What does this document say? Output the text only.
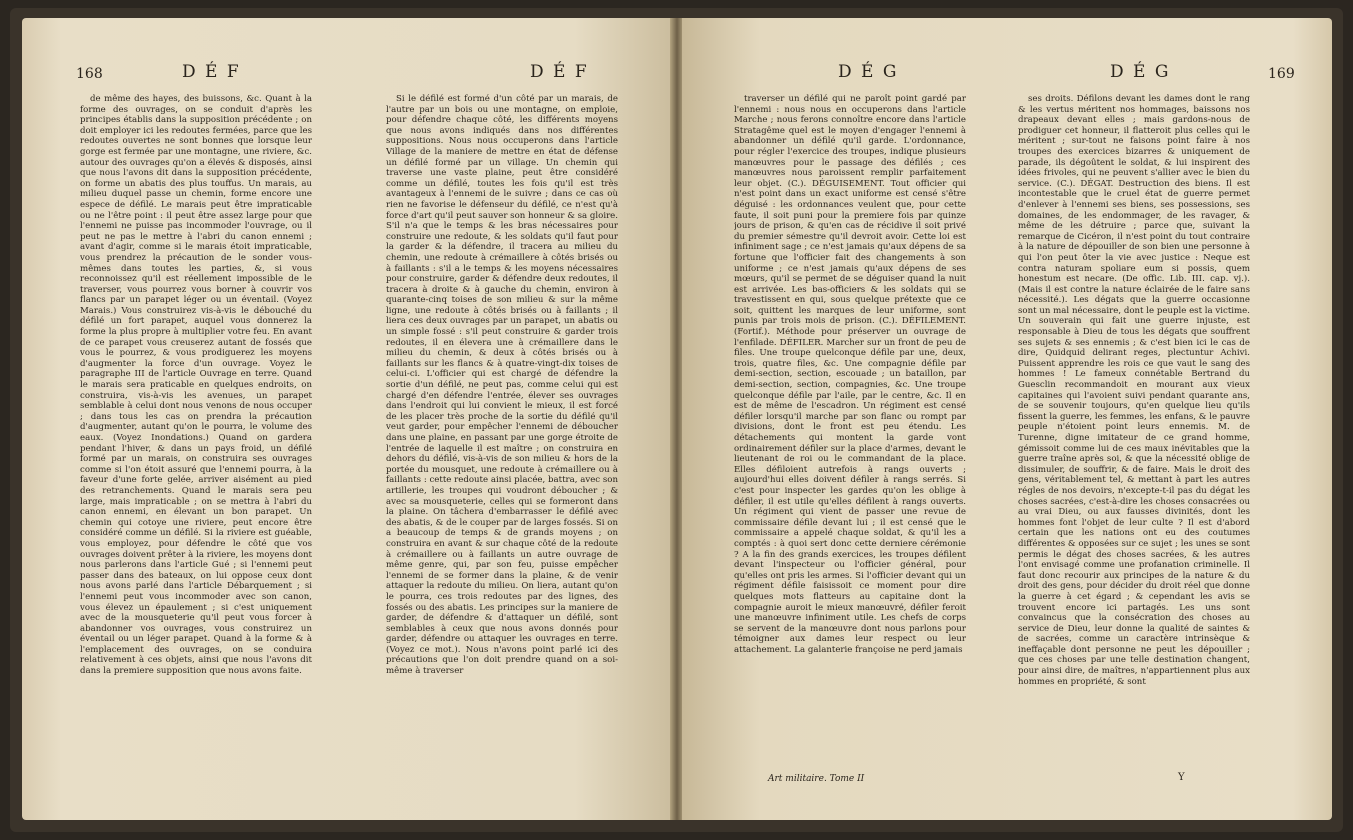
168	D É F	D É F

de même des hayes, des buissons, &c. Quant à la forme des ouvrages, on se conduit d'après les principes établis dans la supposition précédente ; on doit employer ici les redoutes fermées, parce que les redoutes ouvertes ne sont bonnes que lorsque leur gorge est fermée par une montagne, une riviere, &c. autour des ouvrages qu'on a élevés & disposés, ainsi que nous l'avons dit dans la supposition précédente, on forme un abatis des plus touffus. Un marais, au milieu duquel passe un chemin, forme encore une espece de défilé. Le marais peut être impraticable ou ne l'être point : il peut être assez large pour que l'ennemi ne puisse pas incommoder l'ouvrage, ou il peut ne pas le mettre à l'abri du canon ennemi ; avant d'agir, comme si le marais étoit impraticable, vous prendrez la précaution de le sonder vous-mêmes dans toutes les parties, &, si vous reconnoissez qu'il est réellement impossible de le traverser, vous pourrez vous borner à couvrir vos flancs par un parapet léger ou un éventail. (Voyez Marais.) Vous construirez vis-à-vis le débouché du défilé un fort parapet, auquel vous donnerez la forme la plus propre à multiplier votre feu. En avant de ce parapet vous creuserez autant de fossés que vous le pourrez, & vous prodiguerez les moyens d'augmenter la force d'un ouvrage. Voyez le paragraphe III de l'article Ouvrage en terre. Quand le marais sera praticable en quelques endroits, on construira, vis-à-vis les avenues, un parapet semblable à celui dont nous venons de nous occuper ; dans tous les cas on prendra la précaution d'augmenter, autant qu'on le pourra, le volume des eaux. (Voyez Inondations.) Quand on gardera pendant l'hiver, & dans un pays froid, un défilé formé par un marais, on construira ses ouvrages comme si l'on étoit assuré que l'ennemi pourra, à la faveur d'une forte gelée, arriver aisément au pied des retranchements. Quand le marais sera peu large, mais impraticable ; on se mettra à l'abri du canon ennemi, en élevant un bon parapet. Un chemin qui cotoye une riviere, peut encore être considéré comme un défilé. Si la riviere est guéable, vous employez, pour défendre le côté que vos ouvrages doivent prêter à la riviere, les moyens dont nous parlerons dans l'article Gué ; si l'ennemi peut passer dans des bateaux, on lui oppose ceux dont nous avons parlé dans l'article Débarquement ; si l'ennemi peut vous incommoder avec son canon, vous élevez un épaulement ; si c'est uniquement avec de la mousqueterie qu'il peut vous forcer à abandonner vos ouvrages, vous construirez un éventail ou un léger parapet. Quand à la forme & à l'emplacement des ouvrages, on se conduira relativement à ces objets, ainsi que nous l'avons dit dans la premiere supposition que nous avons faite.

Si le défilé est formé d'un côté par un marais, de l'autre par un bois ou une montagne, on emploie, pour défendre chaque côté, les différents moyens que nous avons indiqués dans nos différentes suppositions. Nous nous occuperons dans l'article Village de la maniere de mettre en état de défense un défilé formé par un village. Un chemin qui traverse une vaste plaine, peut être considéré comme un défilé, toutes les fois qu'il est très avantageux à l'ennemi de le suivre ; dans ce cas où rien ne favorise le défenseur du défilé, ce n'est qu'à force d'art qu'il peut sauver son honneur & sa gloire. S'il n'a que le temps & les bras nécessaires pour construire une redoute, & les soldats qu'il faut pour la garder & la défendre, il tracera au milieu du chemin, une redoute à crémaillere à côtés brisés ou à faillants : s'il a le temps & les moyens nécessaires pour construire, garder & défendre deux redoutes, il tracera à droite & à gauche du chemin, environ à quarante-cinq toises de son milieu & sur la même ligne, une redoute à côtés brisés ou à faillants ; il liera ces deux ouvrages par un parapet, un abatis ou un simple fossé : s'il peut construire & garder trois redoutes, il en élevera une à crémaillere dans le milieu du chemin, & deux à côtés brisés ou à faillants sur les flancs & à quatre-vingt-dix toises de celui-ci. L'officier qui est chargé de défendre la sortie d'un défilé, ne peut pas, comme celui qui est chargé d'en défendre l'entrée, élever ses ouvrages dans l'endroit qui lui convient le mieux, il est forcé de les placer très proche de la sortie du défilé qu'il veut garder, pour empêcher l'ennemi de déboucher dans une plaine, en passant par une gorge étroite de l'entrée de laquelle il est maître ; on construira en dehors du défilé, vis-à-vis de son milieu & hors de la portée du mousquet, une redoute à crémaillere ou à faillants : cette redoute ainsi placée, battra, avec son artillerie, les troupes qui voudront déboucher ; & avec sa mousqueterie, celles qui se formeront dans la plaine. On tâchera d'embarrasser le défilé avec des abatis, & de le couper par de larges fossés. Si on a beaucoup de temps & de grands moyens ; on construira en avant & sur chaque côté de la redoute à crémaillere ou à faillants un autre ouvrage de même genre, qui, par son feu, puisse empêcher l'ennemi de se former dans la plaine, & de venir attaquer la redoute du milieu. On liera, autant qu'on le pourra, ces trois redoutes par des lignes, des fossés ou des abatis. Les principes sur la maniere de garder, de défendre & d'attaquer un défilé, sont semblables à ceux que nous avons donnés pour garder, défendre ou attaquer les ouvrages en terre. (Voyez ce mot.). Nous n'avons point parlé ici des précautions que l'on doit prendre quand on a soi-même à traverser

D É G	D É G	169

traverser un défilé qui ne paroît point gardé par l'ennemi : nous nous en occuperons dans l'article Marche ; nous ferons connoître encore dans l'article Stratagême quel est le moyen d'engager l'ennemi à abandonner un défilé qu'il garde. L'ordonnance, pour régler l'exercice des troupes, indique plusieurs manœuvres pour le passage des défilés ; ces manœuvres nous paroissent remplir parfaitement leur objet. (C.). DÉGUISEMENT. Tout officier qui n'est point dans un exact uniforme est censé s'être déguisé : les ordonnances veulent que, pour cette faute, il soit puni pour la premiere fois par quinze jours de prison, & qu'en cas de récidive il soit privé du premier sémestre qu'il devroit avoir. Cette loi est infiniment sage ; ce n'est jamais qu'aux dépens de sa fortune que l'officier fait des changements à son uniforme ; ce n'est jamais qu'aux dépens de ses mœurs, qu'il se permet de se déguiser quand la nuit est arrivée. Les bas-officiers & les soldats qui se travestissent en qui, sous quelque prétexte que ce soit, quittent les marques de leur uniforme, sont punis par trois mois de prison. (C.). DÉFILEMENT. (Fortif.). Méthode pour préserver un ouvrage de l'enfilade. DÉFILER. Marcher sur un front de peu de files. Une troupe quelconque défile par une, deux, trois, quatre files, &c. Une compagnie défile par demi-section, section, escouade ; un bataillon, par demi-section, section, compagnies, &c. Une troupe quelconque défile par l'aile, par le centre, &c. Il en est de même de l'escadron. Un régiment est censé défiler lorsqu'il marche par son flanc ou rompt par divisions, dont le front est peu étendu. Les détachements qui montent la garde vont ordinairement défiler sur la place d'armes, devant le lieutenant de roi ou le commandant de la place. Elles défiloient autrefois à rangs ouverts ; aujourd'hui elles doivent défiler à rangs serrés. Si c'est pour inspecter les gardes qu'on les oblige à défiler, il est utile qu'elles défilent à rangs ouverts. Un régiment qui vient de passer une revue de commissaire défile devant lui ; il est censé que le commissaire a appelé chaque soldat, & qu'il les a comptés : à quoi sert donc cette derniere cérémonie ? A la fin des grands exercices, les troupes défilent devant l'inspecteur ou l'officier général, pour qu'elles ont pris les armes. Si l'officier devant qui un régiment défile faisissoit ce moment pour dire quelques mots flatteurs au capitaine dont la compagnie auroit le mieux manœuvré, défiler feroit une manœuvre infiniment utile. Les chefs de corps se servent de la manœuvre dont nous parlons pour témoigner aux dames leur respect ou leur attachement. La galanterie françoise ne perd jamais

ses droits. Défilons devant les dames dont le rang & les vertus méritent nos hommages, baissons nos drapeaux devant elles ; mais gardons-nous de prodiguer cet honneur, il flatteroit plus celles qui le méritent ; sur-tout ne faisons point faire à nos troupes des exercices bizarres & uniquement de parade, ils dégoûtent le soldat, & lui inspirent des idées frivoles, qui ne peuvent s'allier avec le bien du service. (C.). DÉGAT. Destruction des biens. Il est incontestable que le cruel état de guerre permet d'enlever à l'ennemi ses biens, ses possessions, ses domaines, de les endommager, de les ravager, & même de les détruire ; parce que, suivant la remarque de Cicéron, il n'est point du tout contraire à la nature de dépouiller de son bien une personne à qui l'on peut ôter la vie avec justice : Neque est contra naturam spoliare eum si possis, quem honestum est necare. (De offic. Lib. III. cap. vj.). (Mais il est contre la nature éclairée de le faire sans nécessité.). Les dégats que la guerre occasionne sont un mal nécessaire, dont le peuple est la victime. Un souverain qui fait une guerre injuste, est responsable à Dieu de tous les dégats que souffrent ses sujets & ses ennemis ; & c'est bien ici le cas de dire, Quidquid delirant reges, plectuntur Achivi. Puissent apprendre les rois ce que vaut le sang des hommes ! Le fameux connétable Bertrand du Guesclin recommandoit en mourant aux vieux capitaines qui l'avoient suivi pendant quarante ans, de se souvenir toujours, qu'en quelque lieu qu'ils fissent la guerre, les femmes, les enfans, & le pauvre peuple n'étoient point leurs ennemis. M. de Turenne, digne imitateur de ce grand homme, gémissoit comme lui de ces maux inévitables que la guerre traîne après soi, & que la nécessité oblige de dissimuler, de souffrir, & de faire. Mais le droit des gens, véritablement tel, & mettant à part les autres régles de nos devoirs, n'excepte-t-il pas du dégat les choses sacrées, c'est-à-dire les choses consacrées ou au vrai Dieu, ou aux fausses divinités, dont les hommes font l'objet de leur culte ? Il est d'abord certain que les nations ont eu des coutumes différentes & opposées sur ce sujet ; les unes se sont permis le dégat des choses sacrées, & les autres l'ont envisagé comme une profanation criminelle. Il faut donc recourir aux principes de la nature & du droit des gens, pour décider du droit réel que donne la guerre à cet égard ; & cependant les avis se trouvent encore ici partagés. Les uns sont convaincus que la consécration des choses au service de Dieu, leur donne la qualité de saintes & de sacrées, comme un caractère intrinsèque & ineffaçable dont personne ne peut les dépouiller ; que ces choses par une telle destination changent, pour ainsi dire, de maîtres, n'appartiennent plus aux hommes en propriété, & sont

Art militaire. Tome II	Y
